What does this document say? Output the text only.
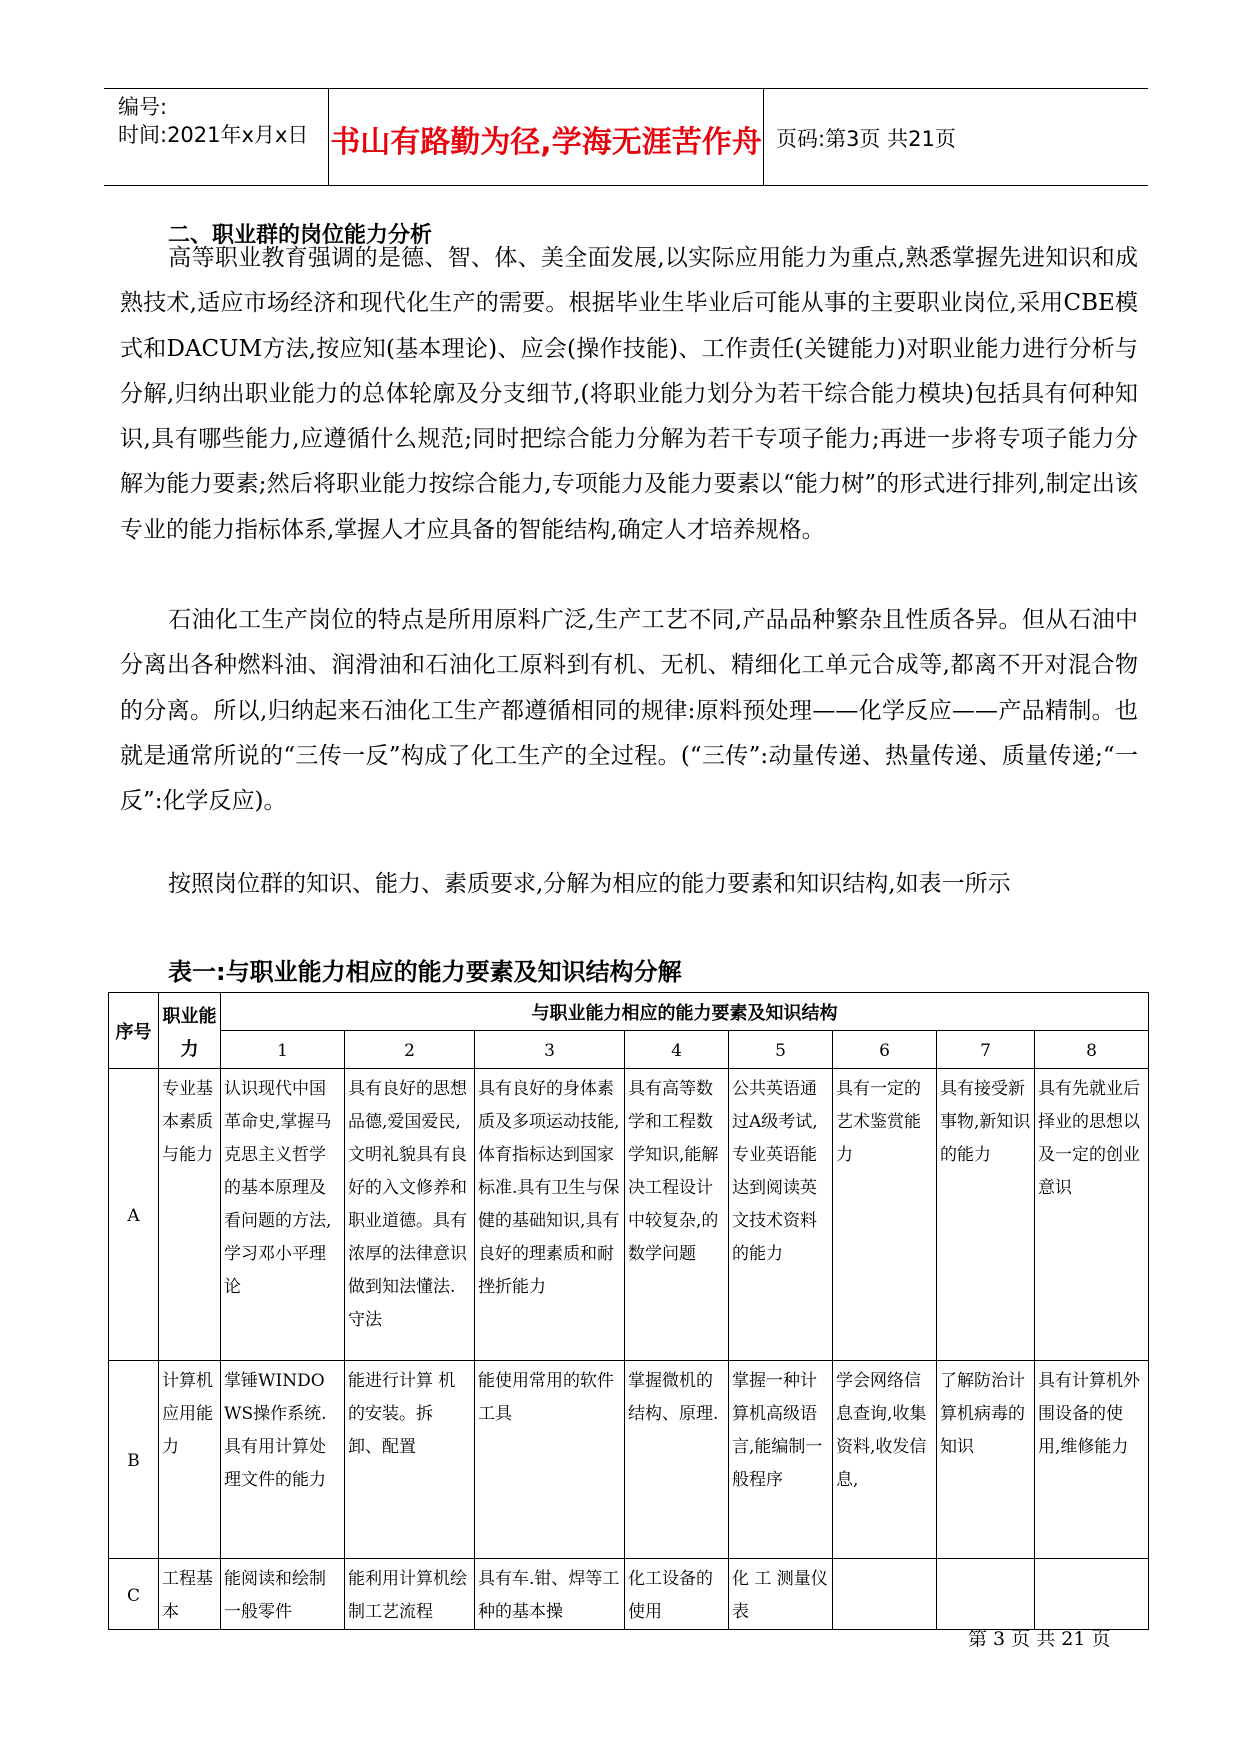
编号:
时间:2021年x月x日 书山有路勤为径,学海无涯苦作舟 页码:第3页 共21页
二、职业群的岗位能力分析
高等职业教育强调的是德、智、体、美全面发展,以实际应用能力为重点,熟悉掌握先进知识和成熟技术,适应市场经济和现代化生产的需要。根据毕业生毕业后可能从事的主要职业岗位,采用CBE模式和DACUM方法,按应知(基本理论)、应会(操作技能)、工作责任(关键能力)对职业能力进行分析与分解,归纳出职业能力的总体轮廓及分支细节,(将职业能力划分为若干综合能力模块)包括具有何种知识,具有哪些能力,应遵循什么规范;同时把综合能力分解为若干专项子能力;再进一步将专项子能力分解为能力要素;然后将职业能力按综合能力,专项能力及能力要素以“能力树”的形式进行排列,制定出该专业的能力指标体系,掌握人才应具备的智能结构,确定人才培养规格。
石油化工生产岗位的特点是所用原料广泛,生产工艺不同,产品品种繁杂且性质各异。但从石油中分离出各种燃料油、润滑油和石油化工原料到有机、无机、精细化工单元合成等,都离不开对混合物的分离。所以,归纳起来石油化工生产都遵循相同的规律:原料预处理——化学反应——产品精制。也就是通常所说的“三传一反”构成了化工生产的全过程。(“三传”:动量传递、热量传递、质量传递;“一反”:化学反应)。
按照岗位群的知识、能力、素质要求,分解为相应的能力要素和知识结构,如表一所示
表一:与职业能力相应的能力要素及知识结构分解
序号	职业能力	与职业能力相应的能力要素及知识结构							
		1	2	3	4	5	6	7	8
A	专业基本素质与能力	认识现代中国革命史,掌握马克思主义哲学的基本原理及看问题的方法,学习邓小平理论	具有良好的思想品德,爱国爱民,文明礼貌具有良好的入文修养和职业道德。具有浓厚的法律意识做到知法懂法.守法	具有良好的身体素质及多项运动技能,体育指标达到国家标准.具有卫生与保健的基础知识,具有良好的理素质和耐挫折能力	具有高等数学和工程数学知识,能解决工程设计中较复杂,的数学问题	公共英语通过A级考试,专业英语能达到阅读英文技术资料的能力	具有一定的艺术鉴赏能力	具有接受新事物,新知识的能力	具有先就业后择业的思想以及一定的创业意识
B	计算机应用能力	掌锤WINDOWS操作系统.具有用计算处理文件的能力	能进行计算 机的安装。拆 卸、配置	能使用常用的软件工具	掌握微机的结构、原理.	掌握一种计算机高级语言,能编制一般程序	学会网络信息查询,收集资料,收发信息,	了解防治计算机病毒的知识	具有计算机外围设备的使用,维修能力
C	工程基本	能阅读和绘制一般零件	能利用计算机绘制工艺流程	具有车.钳、焊等工种的基本操	化工设备的使用	化 工 测量仪表			
第 3 页 共 21 页
